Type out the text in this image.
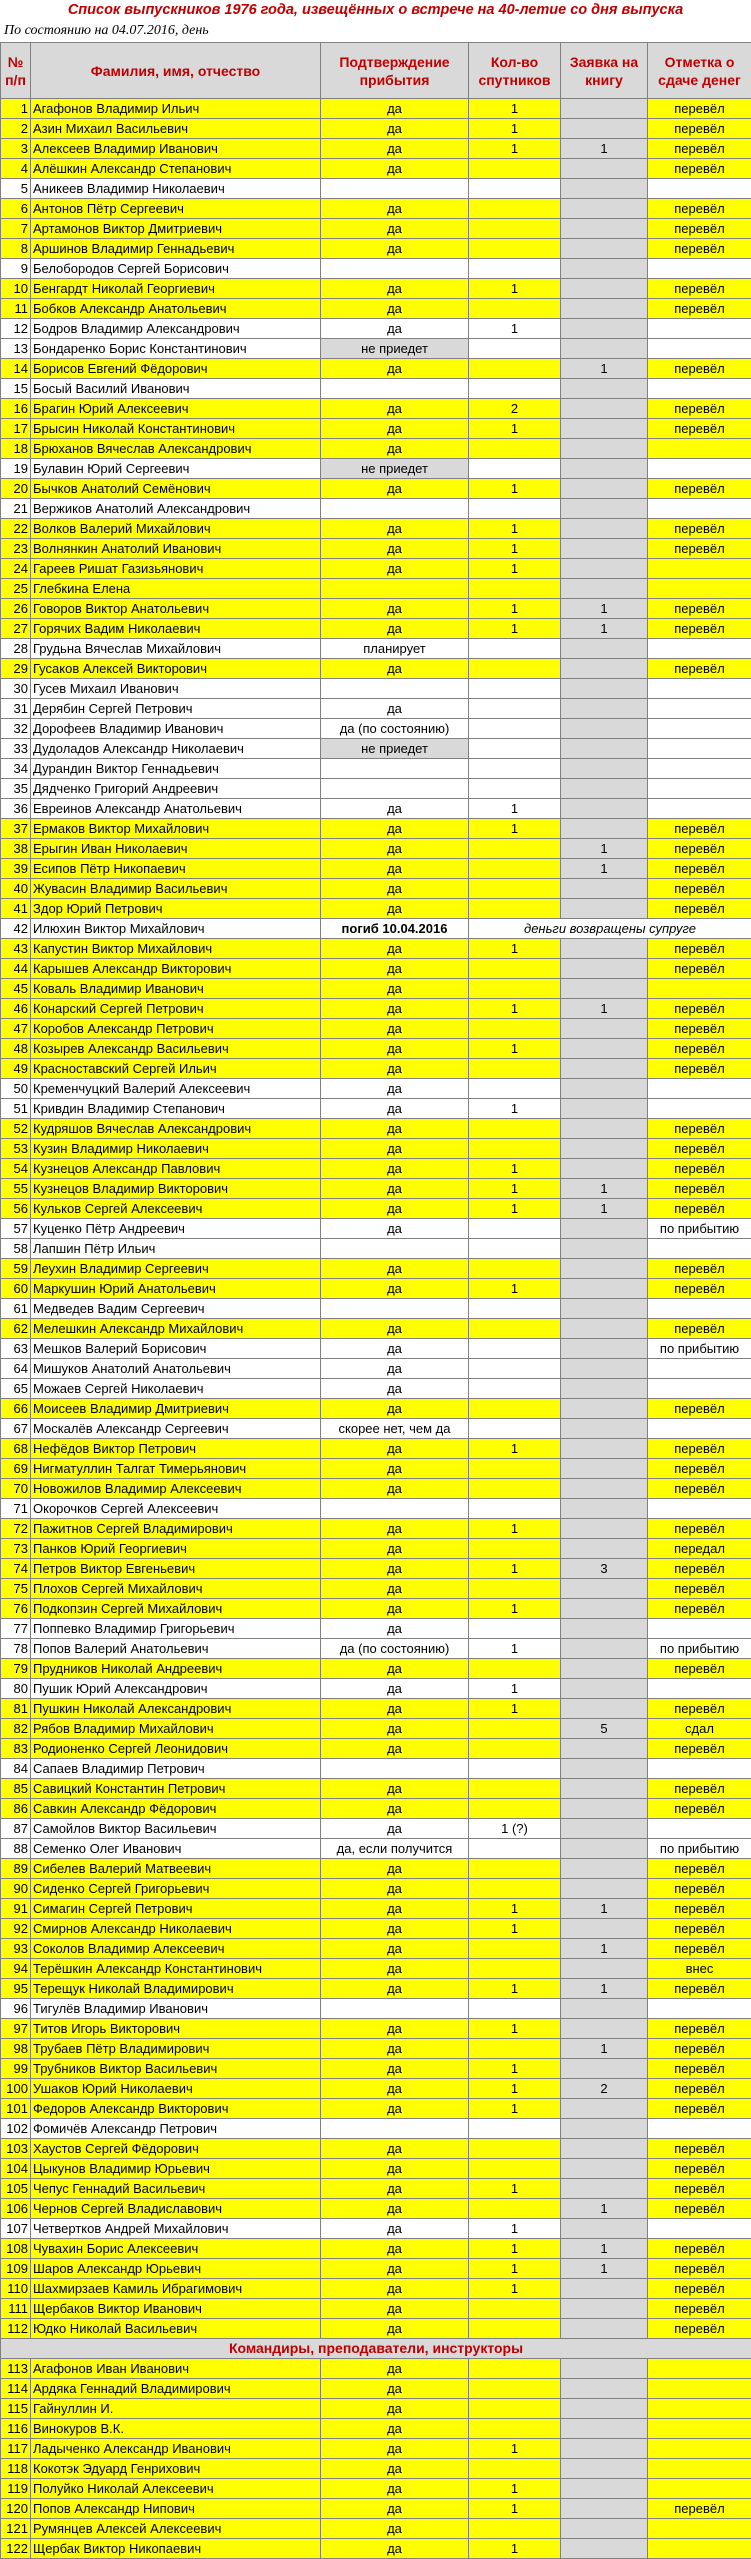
Список выпускников 1976 года, извещённых о встрече на 40-летие со дня выпуска
По состоянию на 04.07.2016, день
№ п/п	Фамилия, имя, отчество	Подтверждение прибытия	Кол-во спутников	Заявка на книгу	Отметка о сдаче денег	
1	Агафонов Владимир Ильич	да	1		перевёл	
2	Азин Михаил Васильевич	да	1		перевёл	
3	Алексеев Владимир Иванович	да	1	1	перевёл	
4	Алёшкин Александр Степанович	да			перевёл	
5	Аникеев Владимир Николаевич					
6	Антонов Пётр Сергеевич	да			перевёл	
7	Артамонов Виктор Дмитриевич	да			перевёл	
8	Аршинов Владимир Геннадьевич	да			перевёл	
9	Белобородов Сергей Борисович					
10	Бенгардт Николай Георгиевич	да	1		перевёл	
11	Бобков Александр Анатольевич	да			перевёл	
12	Бодров Владимир Александрович	да	1			
13	Бондаренко Борис Константинович	не приедет				
14	Борисов Евгений Фёдорович	да		1	перевёл	
15	Босый Василий Иванович					
16	Брагин Юрий Алексеевич	да	2		перевёл	
17	Брысин Николай Константинович	да	1		перевёл	
18	Брюханов Вячеслав Александрович	да				
19	Булавин Юрий Сергеевич	не приедет				
20	Бычков Анатолий Семёнович	да	1		перевёл	
21	Вержиков Анатолий Александрович					
22	Волков Валерий Михайлович	да	1		перевёл	
23	Волнянкин Анатолий Иванович	да	1		перевёл	
24	Гареев Ришат Газизьянович	да	1			
25	Глебкина Елена					
26	Говоров Виктор Анатольевич	да	1	1	перевёл	
27	Горячих Вадим Николаевич	да	1	1	перевёл	
28	Грудьна Вячеслав Михайлович	планирует				
29	Гусаков Алексей Викторович	да			перевёл	
30	Гусев Михаил Иванович					
31	Дерябин Сергей Петрович	да				
32	Дорофеев Владимир Иванович	да (по состоянию)				
33	Дудоладов Александр Николаевич	не приедет				
34	Дурандин Виктор Геннадьевич					
35	Дядченко Григорий Андреевич					
36	Евреинов Александр Анатольевич	да	1			
37	Ермаков Виктор Михайлович	да	1		перевёл	
38	Ерыгин Иван Николаевич	да		1	перевёл	
39	Есипов Пётр Никопаевич	да		1	перевёл	
40	Жувасин Владимир Васильевич	да			перевёл	
41	Здор Юрий Петрович	да			перевёл	
42	Илюхин Виктор Михайлович	погиб 10.04.2016	деньги возвращены супруге			
43	Капустин Виктор Михайлович	да	1		перевёл	
44	Карышев Александр Викторович	да			перевёл	
45	Коваль Владимир Иванович	да				
46	Конарский Сергей Петрович	да	1	1	перевёл	
47	Коробов Александр Петрович	да			перевёл	
48	Козырев Александр Васильевич	да	1		перевёл	
49	Красноставский Сергей Ильич	да			перевёл	
50	Кременчуцкий Валерий Алексеевич	да				
51	Кривдин Владимир Степанович	да	1			
52	Кудряшов Вячеслав Александрович	да			перевёл	
53	Кузин Владимир Николаевич	да			перевёл	
54	Кузнецов Александр Павлович	да	1		перевёл	
55	Кузнецов Владимир Викторович	да	1	1	перевёл	
56	Кульков Сергей Алексеевич	да	1	1	перевёл	
57	Куценко Пётр Андреевич	да			по прибытию	
58	Лапшин Пётр Ильич					
59	Леухин Владимир Сергеевич	да			перевёл	
60	Маркушин Юрий Анатольевич	да	1		перевёл	
61	Медведев Вадим Сергеевич					
62	Мелешкин Александр Михайлович	да			перевёл	
63	Мешков Валерий Борисович	да			по прибытию	
64	Мишуков Анатолий Анатольевич	да				
65	Можаев Сергей Николаевич	да				
66	Моисеев Владимир Дмитриевич	да			перевёл	
67	Москалёв Александр Сергеевич	скорее нет, чем да				
68	Нефёдов Виктор Петрович	да	1		перевёл	
69	Нигматуллин Талгат Тимерьянович	да			перевёл	
70	Новожилов Владимир Алексеевич	да			перевёл	
71	Окорочков Сергей Алексеевич					
72	Пажитнов Сергей Владимирович	да	1		перевёл	
73	Панков Юрий Георгиевич	да			передал	
74	Петров Виктор Евгеньевич	да	1	3	перевёл	
75	Плохов Сергей Михайлович	да			перевёл	
76	Подкопзин Сергей Михайлович	да	1		перевёл	
77	Поппевко Владимир Григорьевич	да				
78	Попов Валерий Анатольевич	да (по состоянию)	1		по прибытию	
79	Прудников Николай Андреевич	да			перевёл	
80	Пушик Юрий Александрович	да	1			
81	Пушкин Николай Александрович	да	1		перевёл	
82	Рябов Владимир Михайлович	да		5	сдал	
83	Родионенко Сергей Леонидович	да			перевёл	
84	Сапаев Владимир Петрович					
85	Савицкий Константин Петрович	да			перевёл	
86	Савкин Александр Фёдорович	да			перевёл	
87	Самойлов Виктор Васильевич	да	1 (?)			
88	Семенко Олег Иванович	да, если получится			по прибытию	
89	Сибелев Валерий Матвеевич	да			перевёл	
90	Сиденко Сергей Григорьевич	да			перевёл	
91	Симагин Сергей Петрович	да	1	1	перевёл	
92	Смирнов Александр Николаевич	да	1		перевёл	
93	Соколов Владимир Алексеевич	да		1	перевёл	
94	Терёшкин Александр Константинович	да			внес	
95	Терещук Николай Владимирович	да	1	1	перевёл	
96	Тигулёв Владимир Иванович					
97	Титов Игорь Викторович	да	1		перевёл	
98	Трубаев Пётр Владимирович	да		1	перевёл	
99	Трубников Виктор Васильевич	да	1		перевёл	
100	Ушаков Юрий Николаевич	да	1	2	перевёл	
101	Федоров Александр Викторович	да	1		перевёл	
102	Фомичёв Александр Петрович					
103	Хаустов Сергей Фёдорович	да			перевёл	
104	Цыкунов Владимир Юрьевич	да			перевёл	
105	Чепус Геннадий Васильевич	да	1		перевёл	
106	Чернов Сергей Владиславович	да		1	перевёл	
107	Четвертков Андрей Михайлович	да	1			
108	Чувахин Борис Алексеевич	да	1	1	перевёл	
109	Шаров Александр Юрьевич	да	1	1	перевёл	
110	Шахмирзаев Камиль Ибрагимович	да	1		перевёл	
111	Щербаков Виктор Иванович	да			перевёл	
112	Юдко Николай Васильевич	да			перевёл	
Командиры, преподаватели, инструкторы						
113	Агафонов Иван Иванович	да				
114	Ардяка Геннадий Владимирович	да				
115	Гайнуллин И.	да				
116	Винокуров В.К.	да				
117	Ладыченко Александр Иванович	да	1			
118	Кокотэк Эдуард Генрихович	да				
119	Полуйко Николай Алексеевич	да	1			
120	Попов Александр Нипович	да	1		перевёл	
121	Румянцев Алексей Алексеевич	да				
122	Щербак Виктор Никопаевич	да	1			
